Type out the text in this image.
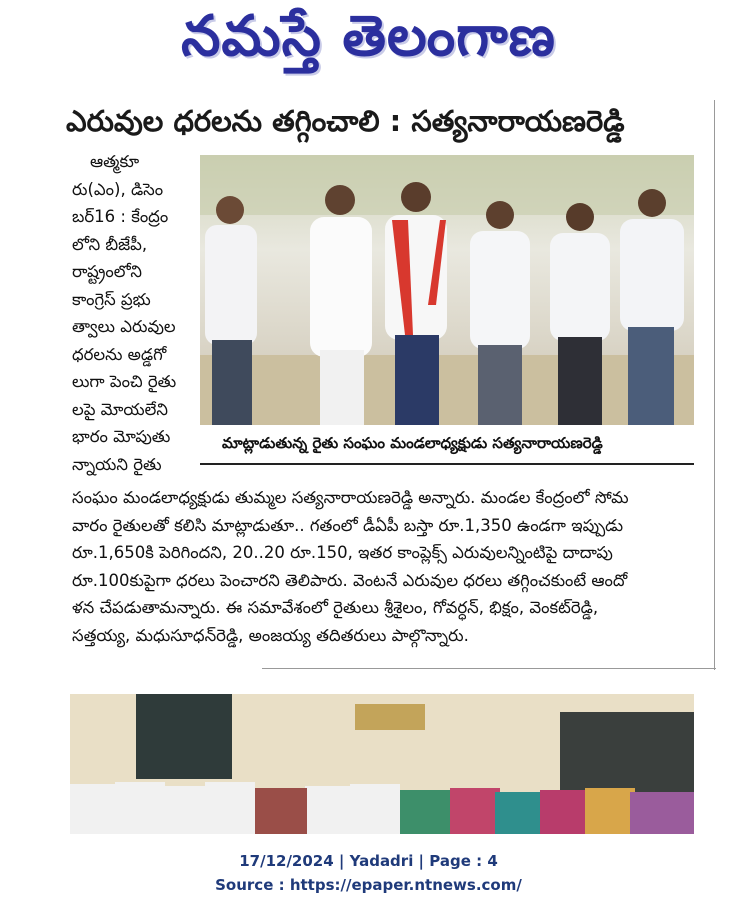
నమస్తే తెలంగాణ
ఎరువుల ధరలను తగ్గించాలి : సత్యనారాయణరెడ్డి
మాట్లాడుతున్న రైతు సంఘం మండలాధ్యక్షుడు సత్యనారాయణరెడ్డి
ఆత్మకూ
రు(ఎం), డిసెం
బర్16 : కేంద్రం
లోని బీజేపీ,
రాష్ట్రంలోని
కాంగ్రెస్ ప్రభు
త్వాలు ఎరువుల
ధరలను అడ్డగో
లుగా పెంచి రైతు
లపై మోయలేని
భారం మోపుతు
న్నాయని రైతు
సంఘం మండలాధ్యక్షుడు తుమ్మల సత్యనారాయణరెడ్డి అన్నారు. మండల కేంద్రంలో సోమ
వారం రైతులతో కలిసి మాట్లాడుతూ.. గతంలో డీఏపీ బస్తా రూ.1,350 ఉండగా ఇప్పుడు
రూ.1,650కి పెరిగిందని, 20..20 రూ.150, ఇతర కాంప్లెక్స్ ఎరువులన్నింటిపై దాదాపు
రూ.100కుపైగా ధరలు పెంచారని తెలిపారు. వెంటనే ఎరువుల ధరలు తగ్గించకుంటే ఆందో
ళన చేపడుతామన్నారు. ఈ సమావేశంలో రైతులు శ్రీశైలం, గోవర్ధన్, భిక్షం, వెంకట్‌రెడ్డి,
సత్తయ్య, మధుసూధన్‌రెడ్డి, అంజయ్య తదితరులు పాల్గొన్నారు.
17/12/2024 | Yadadri | Page : 4
Source : https://epaper.ntnews.com/
